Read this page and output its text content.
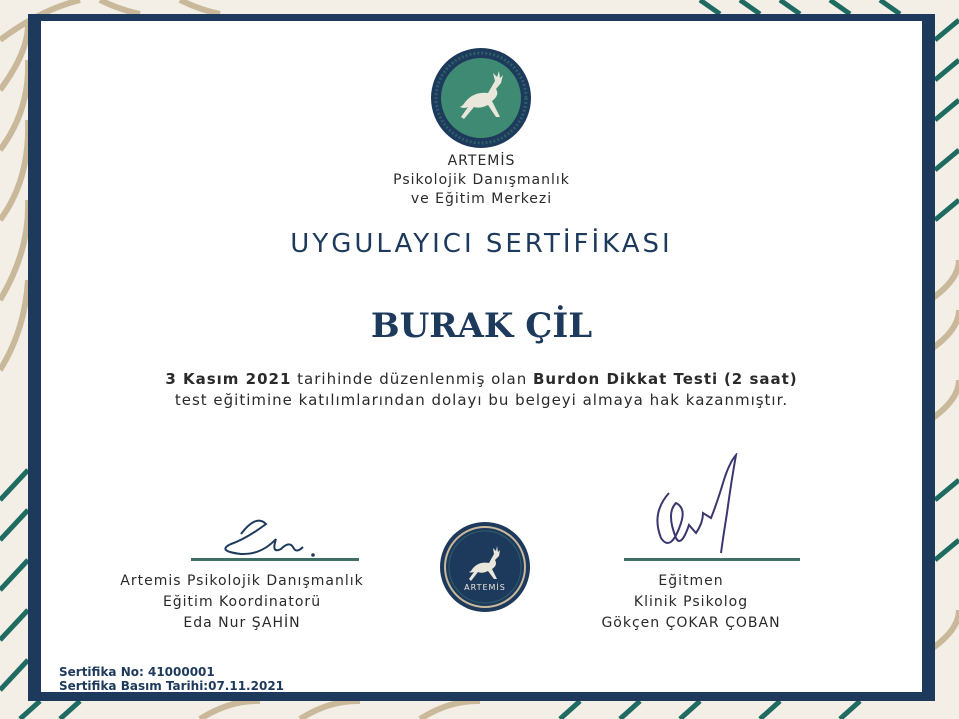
ARTEMİS
Psikolojik Danışmanlık
ve Eğitim Merkezi
UYGULAYICI SERTİFİKASI
BURAK ÇİL
3 Kasım 2021 tarihinde düzenlenmiş olan Burdon Dikkat Testi (2 saat) test eğitimine katılımlarından dolayı bu belgeyi almaya hak kazanmıştır.
Artemis Psikolojik Danışmanlık
Eğitim Koordinatorü
Eda Nur ŞAHİN
ARTEMİS	Eğitmen
Klinik Psikolog
Gökçen ÇOKAR ÇOBAN
Sertifika No: 41000001
Sertifika Basım Tarihi:07.11.2021
